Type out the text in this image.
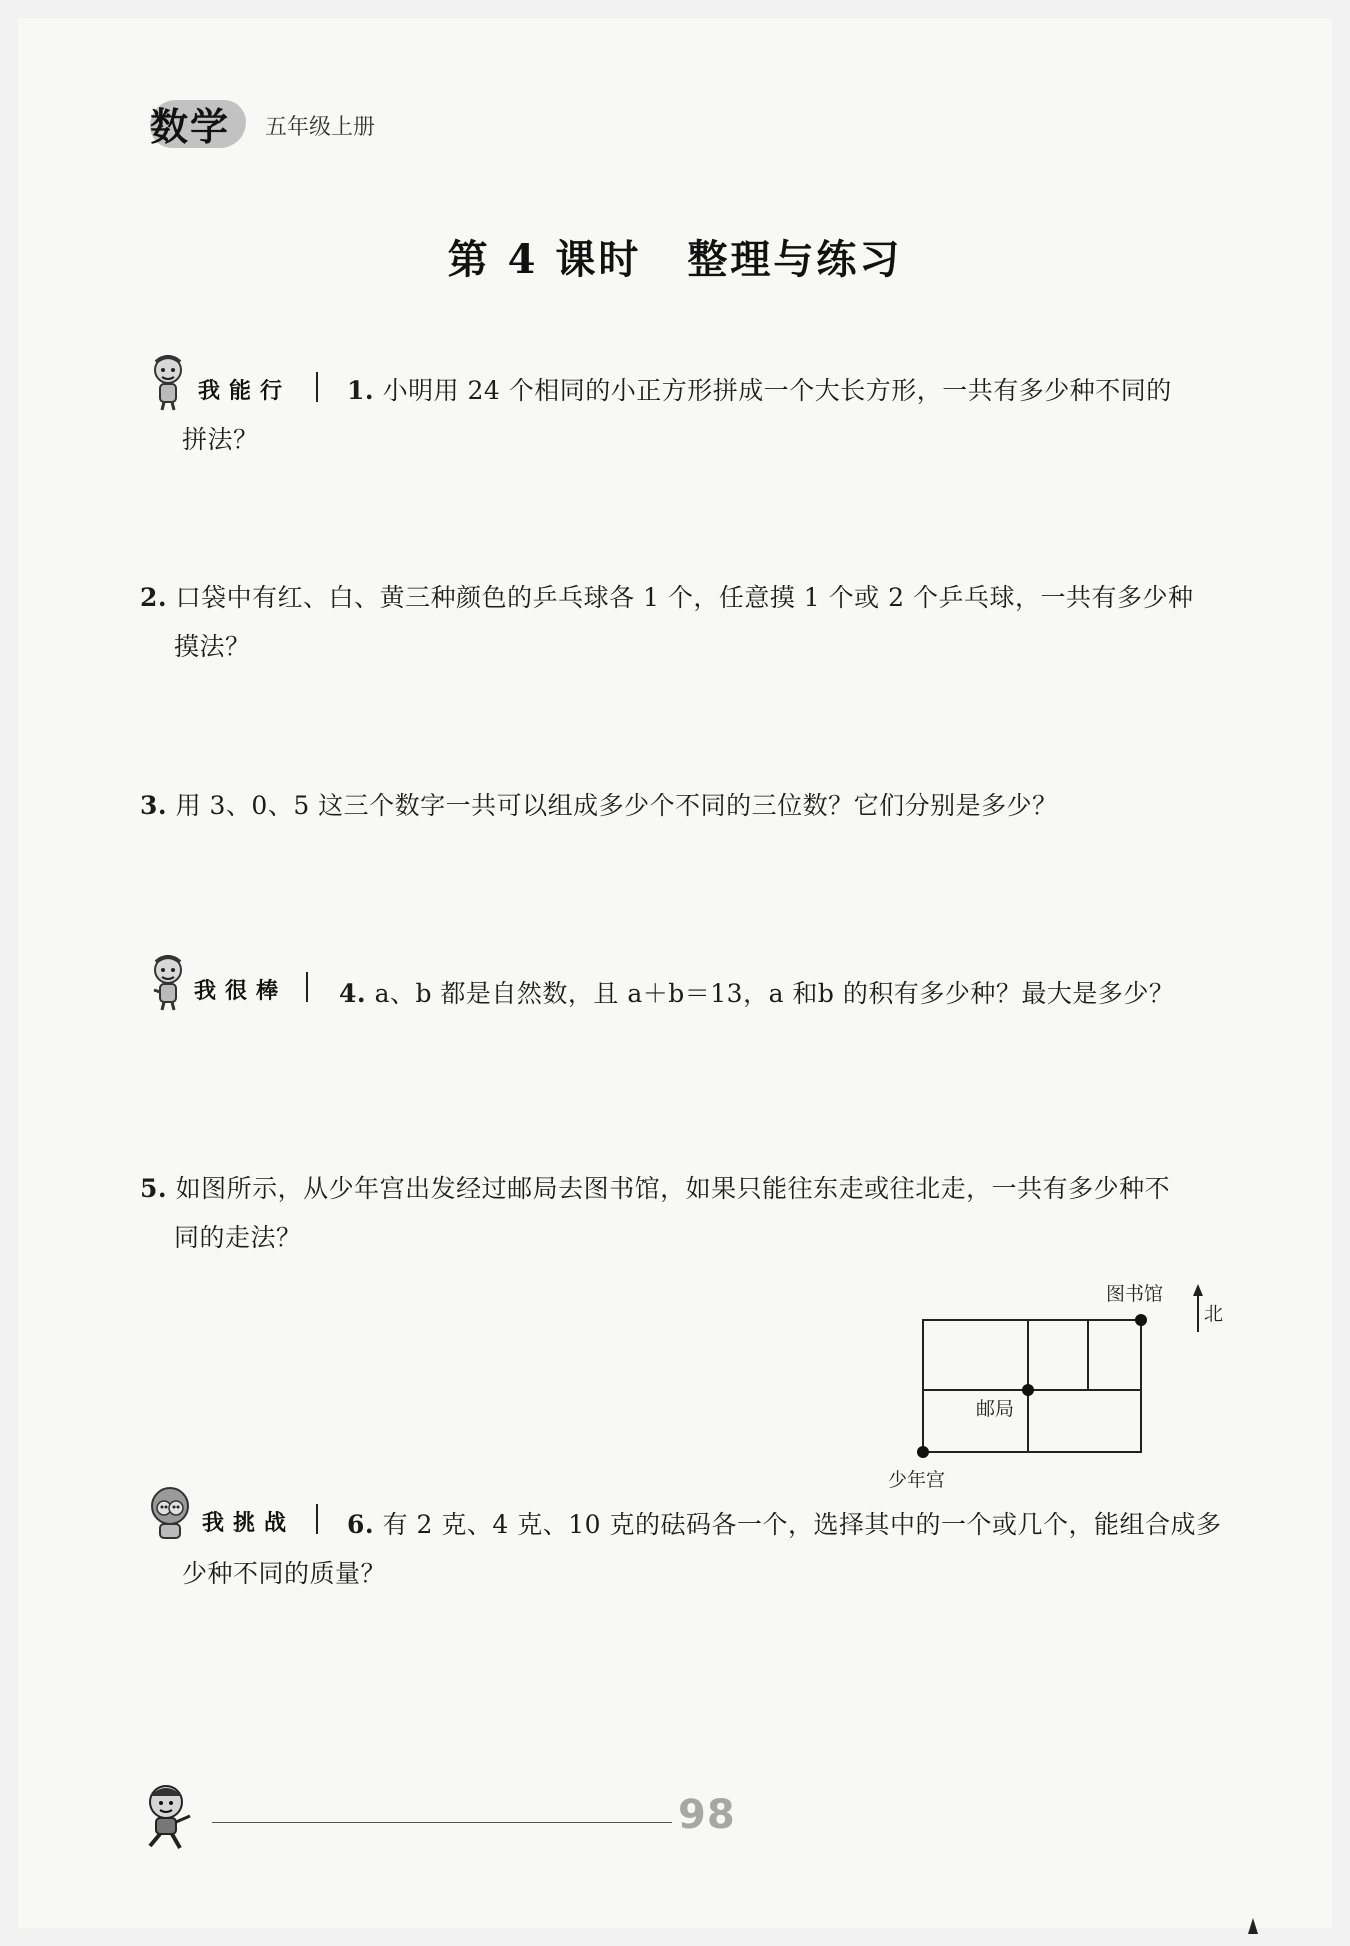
数学 五年级上册
第 4 课时 整理与练习
我能行 1. 小明用 24 个相同的小正方形拼成一个大长方形，一共有多少种不同的
拼法？
2. 口袋中有红、白、黄三种颜色的乒乓球各 1 个，任意摸 1 个或 2 个乒乓球，一共有多少种
摸法？
3. 用 3、0、5 这三个数字一共可以组成多少个不同的三位数？它们分别是多少？
我很棒 4. a、b 都是自然数，且 a＋b＝13，a 和b 的积有多少种？最大是多少？
5. 如图所示，从少年宫出发经过邮局去图书馆，如果只能往东走或往北走，一共有多少种不
同的走法？
图书馆
邮局
少年宫
北
我挑战 6. 有 2 克、4 克、10 克的砝码各一个，选择其中的一个或几个，能组合成多
少种不同的质量？
98
